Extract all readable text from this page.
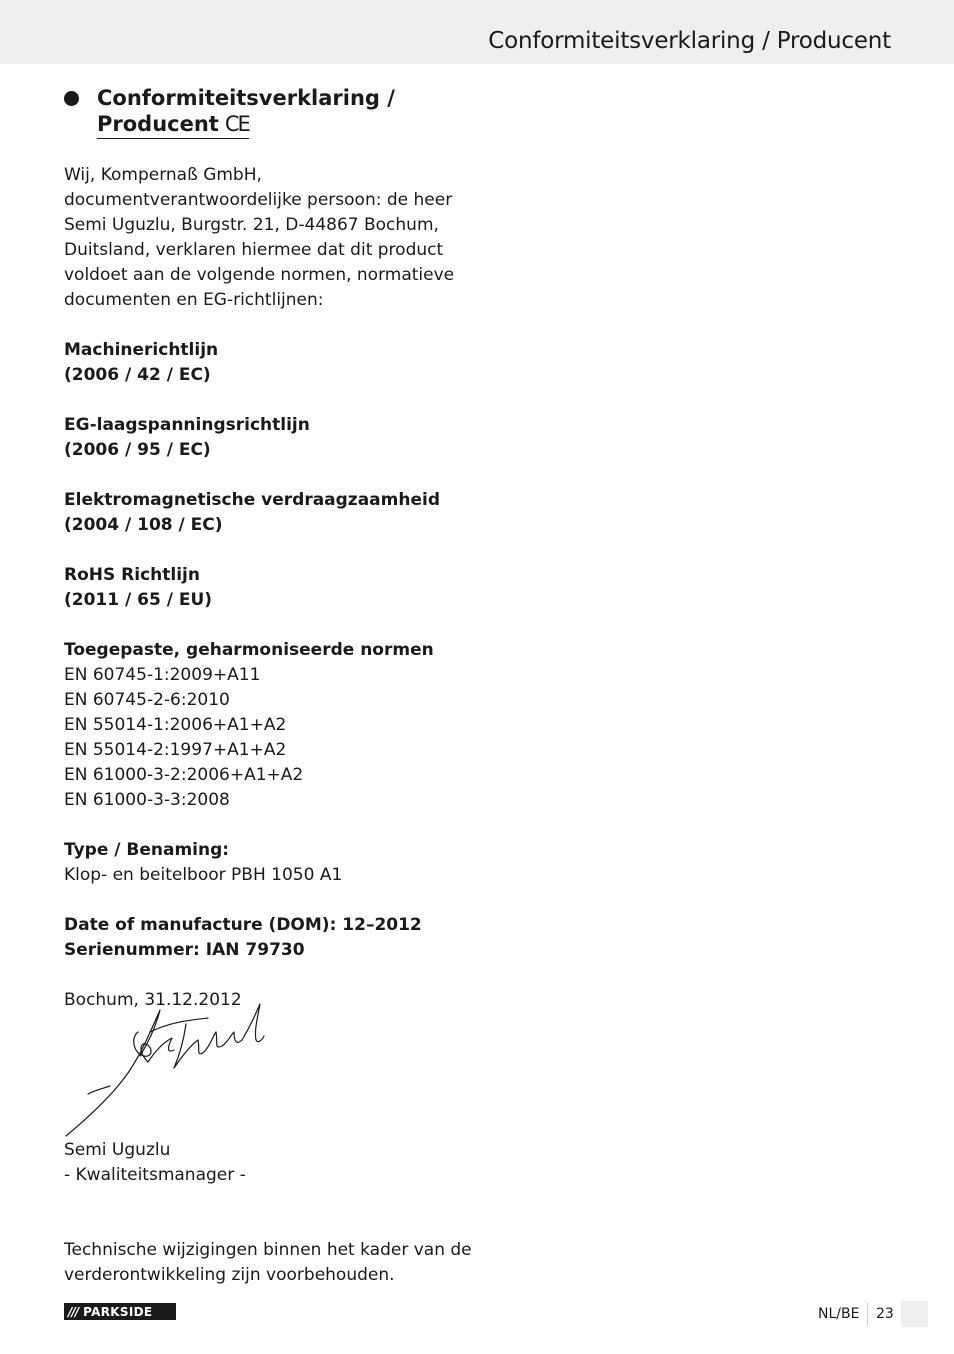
Conformiteitsverklaring / Producent
Conformiteitsverklaring /
Producent CE

Wij, Kompernaß GmbH, documentverantwoordelijke persoon: de heer Semi Uguzlu, Burgstr. 21, D-44867 Bochum, Duitsland, verklaren hiermee dat dit product voldoet aan de volgende normen, normatieve documenten en EG-richtlijnen:

Machinerichtlijn

(2006 / 42 / EC)

EG-laagspanningsrichtlijn

(2006 / 95 / EC)

Elektromagnetische verdraagzaamheid

(2004 / 108 / EC)

RoHS Richtlijn

(2011 / 65 / EU)

Toegepaste, geharmoniseerde normen

EN 60745-1:2009+A11

EN 60745-2-6:2010

EN 55014-1:2006+A1+A2

EN 55014-2:1997+A1+A2

EN 61000-3-2:2006+A1+A2

EN 61000-3-3:2008

Type / Benaming:

Klop- en beitelboor PBH 1050 A1

Date of manufacture (DOM): 12–2012

Serienummer: IAN 79730

Bochum, 31.12.2012

Semi Uguzlu
- Kwaliteitsmanager -
Technische wijzigingen binnen het kader van de verderontwikkeling zijn voorbehouden.
/// PARKSIDE	NL/BE 23
